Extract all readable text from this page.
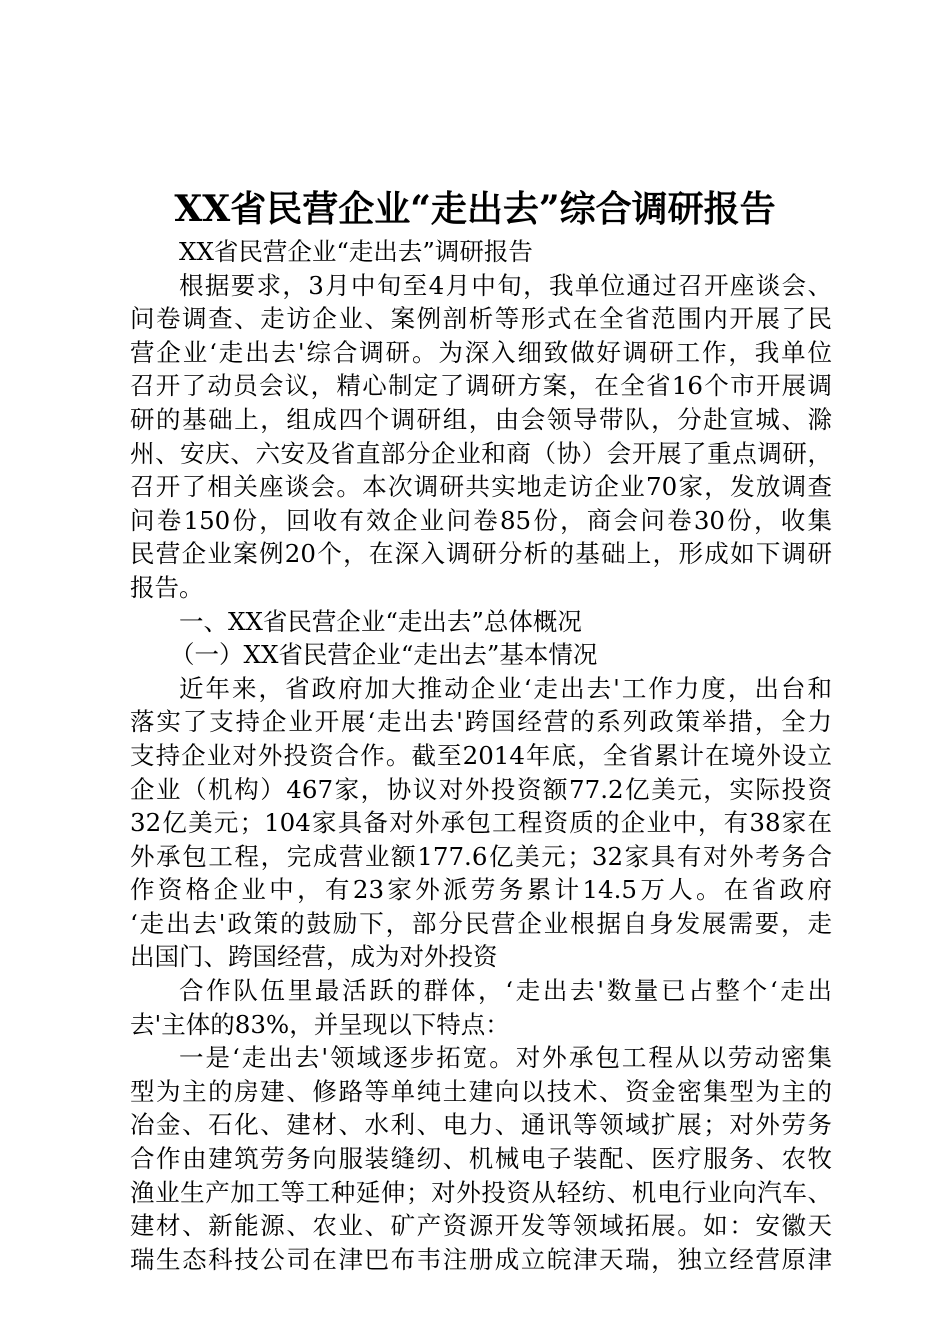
XX省民营企业“走出去”综合调研报告

XX省民营企业“走出去”调研报告

根据要求，3月中旬至4月中旬，我单位通过召开座谈会、
问卷调查、走访企业、案例剖析等形式在全省范围内开展了民
营企业‘走出去'综合调研。为深入细致做好调研工作，我单位
召开了动员会议，精心制定了调研方案，在全省16个市开展调
研的基础上，组成四个调研组，由会领导带队，分赴宣城、滁
州、安庆、六安及省直部分企业和商（协）会开展了重点调研，
召开了相关座谈会。本次调研共实地走访企业70家，发放调查
问卷150份，回收有效企业问卷85份，商会问卷30份，收集
民营企业案例20个，在深入调研分析的基础上，形成如下调研
报告。

一、XX省民营企业“走出去”总体概况

（一）XX省民营企业“走出去”基本情况

近年来，省政府加大推动企业‘走出去'工作力度，出台和
落实了支持企业开展‘走出去'跨国经营的系列政策举措，全力
支持企业对外投资合作。截至2014年底，全省累计在境外设立
企业（机构）467家，协议对外投资额77.2亿美元，实际投资
32亿美元；104家具备对外承包工程资质的企业中，有38家在
外承包工程，完成营业额177.6亿美元；32家具有对外考务合
作资格企业中，有23家外派劳务累计14.5万人。在省政府
‘走出去'政策的鼓励下，部分民营企业根据自身发展需要，走
出国门、跨国经营，成为对外投资

合作队伍里最活跃的群体，‘走出去'数量已占整个‘走出
去'主体的83%，并呈现以下特点：

一是‘走出去'领域逐步拓宽。对外承包工程从以劳动密集
型为主的房建、修路等单纯土建向以技术、资金密集型为主的
冶金、石化、建材、水利、电力、通讯等领域扩展；对外劳务
合作由建筑劳务向服装缝纫、机械电子装配、医疗服务、农牧
渔业生产加工等工种延伸；对外投资从轻纺、机电行业向汽车、
建材、新能源、农业、矿产资源开发等领域拓展。如：安徽天
瑞生态科技公司在津巴布韦注册成立皖津天瑞，独立经营原津
